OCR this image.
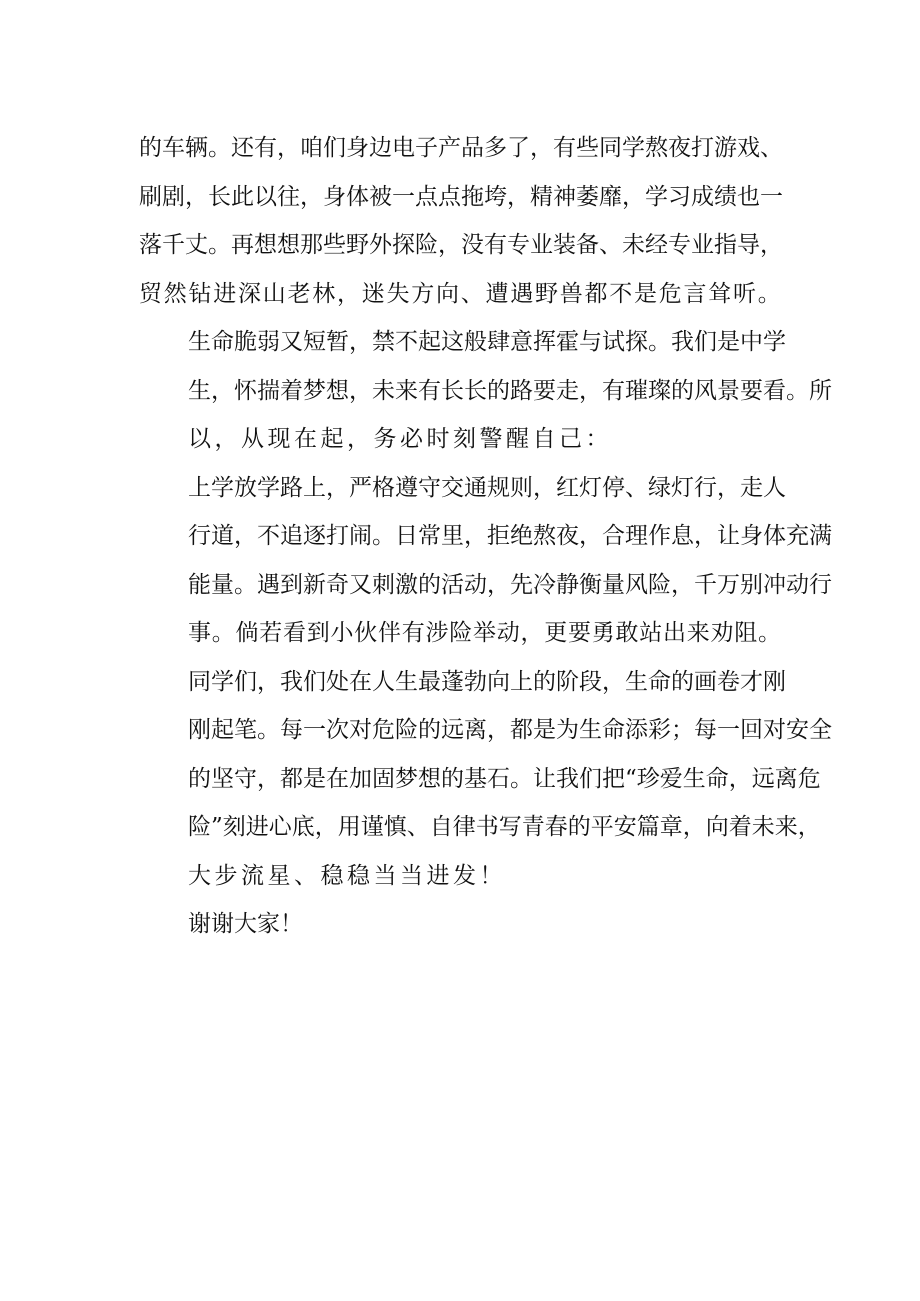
的车辆。还有，咱们身边电子产品多了，有些同学熬夜打游戏、
刷剧，长此以往，身体被一点点拖垮，精神萎靡，学习成绩也一
落千丈。再想想那些野外探险，没有专业装备、未经专业指导，
贸然钻进深山老林，迷失方向、遭遇野兽都不是危言耸听。

生命脆弱又短暂，禁不起这般肆意挥霍与试探。我们是中学
生，怀揣着梦想，未来有长长的路要走，有璀璨的风景要看。所
以，从现在起，务必时刻警醒自己：

上学放学路上，严格遵守交通规则，红灯停、绿灯行，走人
行道，不追逐打闹。日常里，拒绝熬夜，合理作息，让身体充满
能量。遇到新奇又刺激的活动，先冷静衡量风险，千万别冲动行
事。倘若看到小伙伴有涉险举动，更要勇敢站出来劝阻。

同学们，我们处在人生最蓬勃向上的阶段，生命的画卷才刚
刚起笔。每一次对危险的远离，都是为生命添彩；每一回对安全
的坚守，都是在加固梦想的基石。让我们把“珍爱生命，远离危
险”刻进心底，用谨慎、自律书写青春的平安篇章，向着未来，
大步流星、稳稳当当进发！

谢谢大家！
